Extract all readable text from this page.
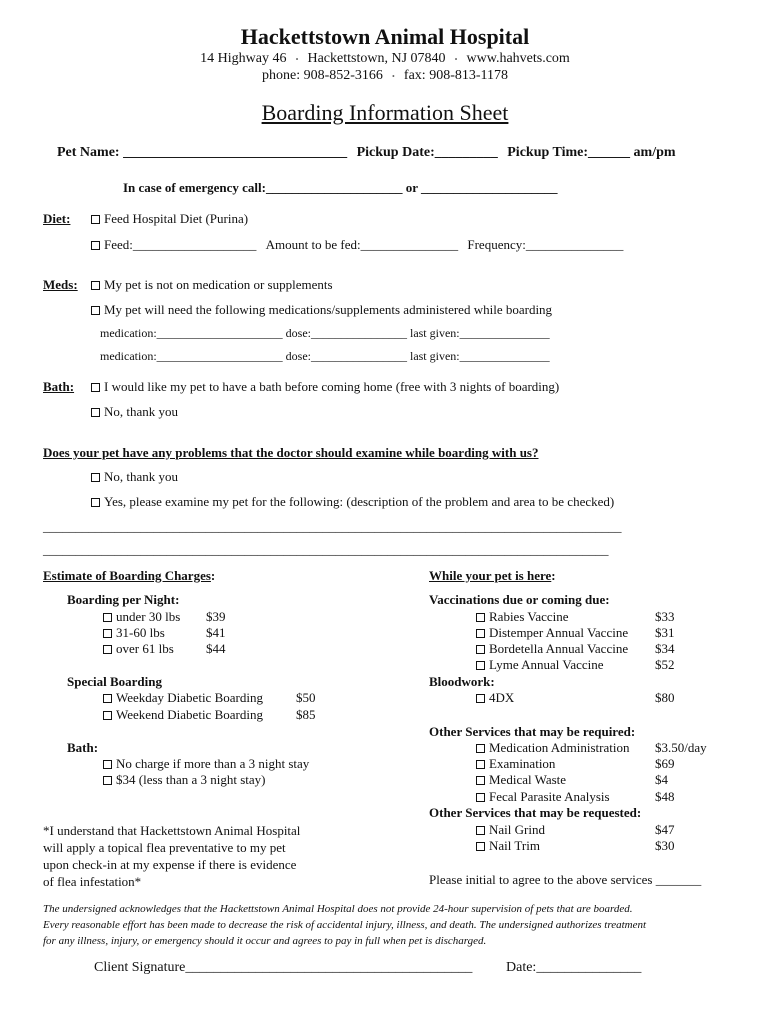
Hackettstown Animal Hospital
14 Highway 46 • Hackettstown, NJ 07840 • www.hahvets.com
phone: 908-852-3166 • fax: 908-813-1178
Boarding Information Sheet
Pet Name: ________________________________ Pickup Date:_________ Pickup Time:______ am/pm
In case of emergency call:_____________________ or _____________________
Diet:	Feed Hospital Diet (Purina)
Feed:___________________ Amount to be fed:_______________ Frequency:_______________
Meds:	My pet is not on medication or supplements
My pet will need the following medications/supplements administered while boarding
medication:_____________________ dose:________________ last given:_______________
medication:_____________________ dose:________________ last given:_______________
Bath:	I would like my pet to have a bath before coming home (free with 3 nights of boarding)
No, thank you
Does your pet have any problems that the doctor should examine while boarding with us?
No, thank you
Yes, please examine my pet for the following: (description of the problem and area to be checked)
_________________________________________________________________________________________
_______________________________________________________________________________________
Estimate of Boarding Charges:
Boarding per Night:
under 30 lbs $39
31-60 lbs	$41
over 61 lbs $44
Special Boarding
Weekday Diabetic Boarding	$50
Weekend Diabetic Boarding	$85
Bath:
No charge if more than a 3 night stay
$34 (less than a 3 night stay)
*I understand that Hackettstown Animal Hospital
will apply a topical flea preventative to my pet
upon check-in at my expense if there is evidence
of flea infestation*
While your pet is here:
Vaccinations due or coming due:
Rabies Vaccine	$33
Distemper Annual Vaccine $31
Bordetella Annual Vaccine $34
Lyme Annual Vaccine	$52
Bloodwork:
4DX	$80
Other Services that may be required:
Medication Administration $3.50/day
Examination	$69
Medical Waste	$4
Fecal Parasite Analysis	$48
Other Services that may be requested:
Nail Grind	$47
Nail Trim	$30
Please initial to agree to the above services _______
The undersigned acknowledges that the Hackettstown Animal Hospital does not provide 24-hour supervision of pets that are boarded.
Every reasonable effort has been made to decrease the risk of accidental injury, illness, and death. The undersigned authorizes treatment
for any illness, injury, or emergency should it occur and agrees to pay in full when pet is discharged.
Client Signature_________________________________________ Date:_______________
